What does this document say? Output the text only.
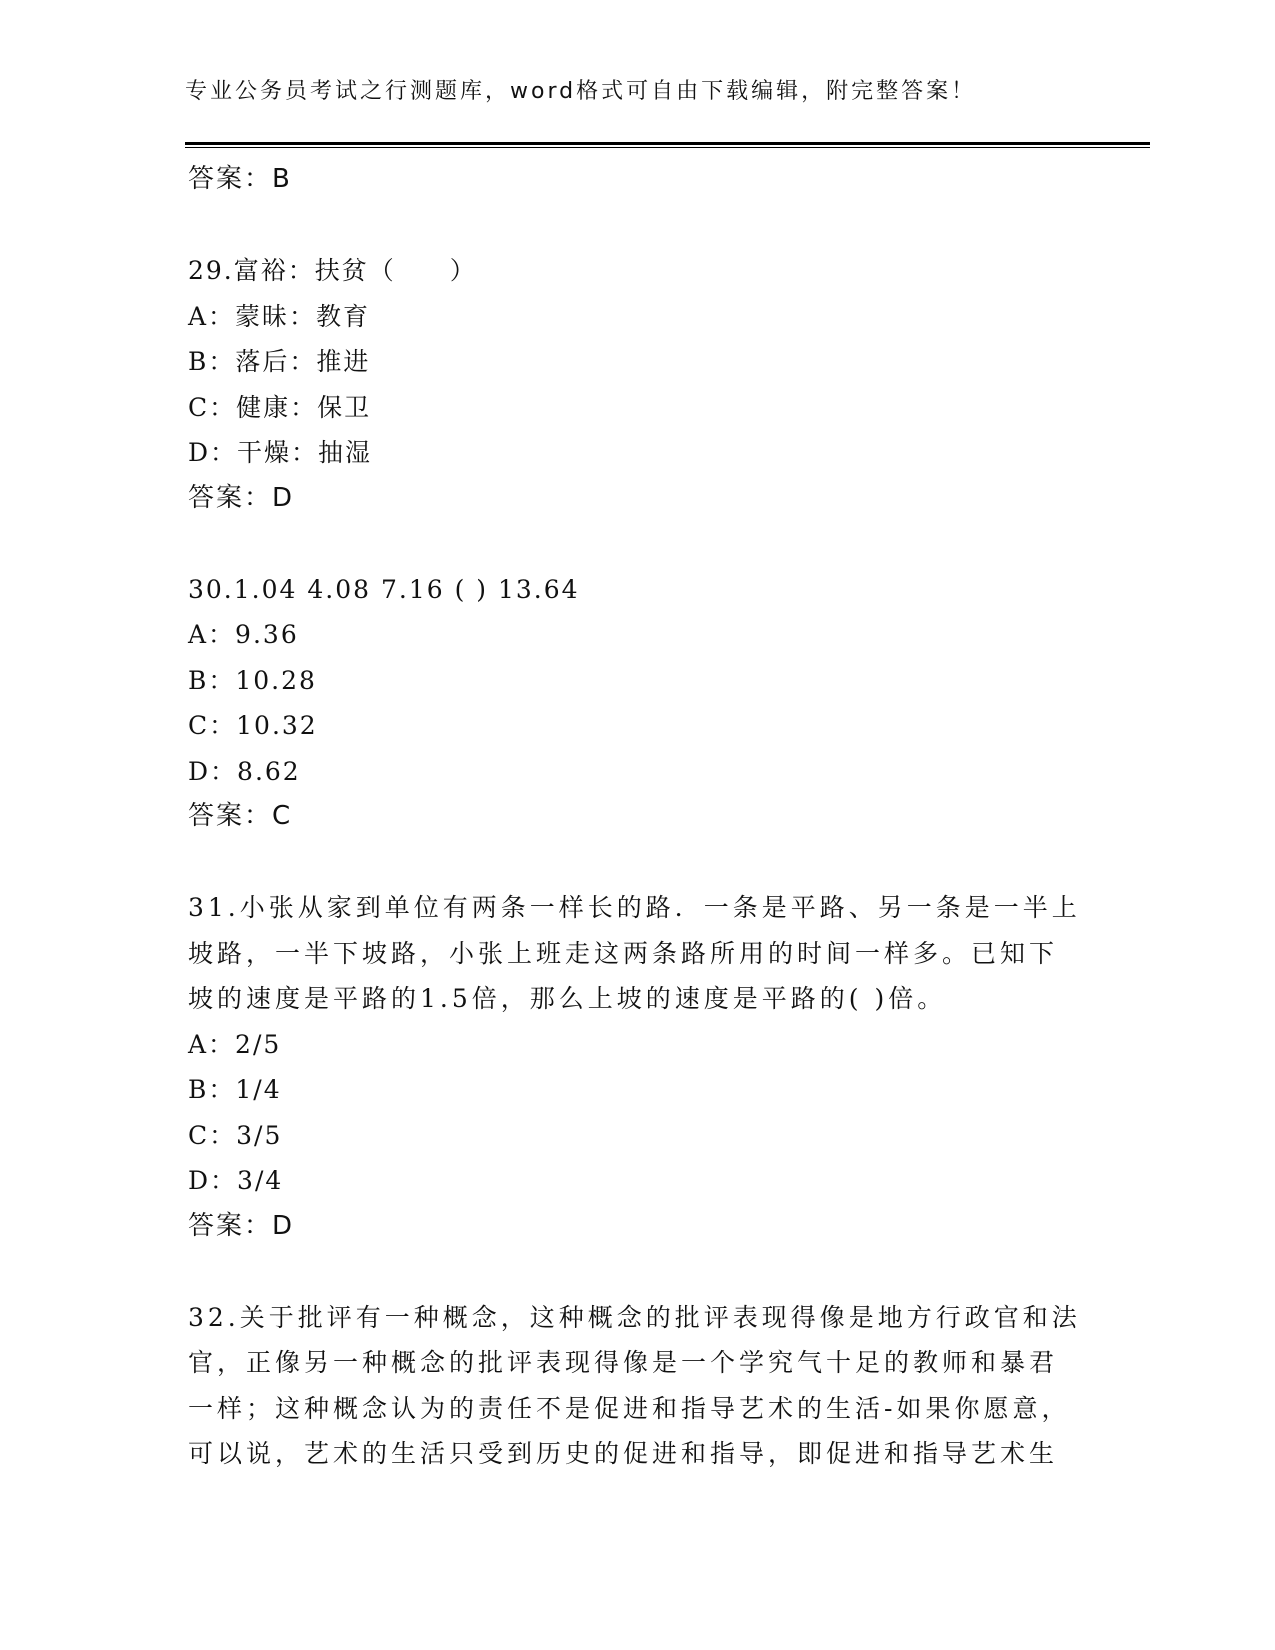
专业公务员考试之行测题库，word格式可自由下载编辑，附完整答案！
答案：B
29.富裕：扶贫（　　）
A：蒙昧：教育
B：落后：推进
C：健康：保卫
D：干燥：抽湿
答案：D
30.1.04 4.08 7.16 ( ) 13.64
A：9.36
B：10.28
C：10.32
D：8.62
答案：C
31.小张从家到单位有两条一样长的路．一条是平路、另一条是一半上
坡路，一半下坡路，小张上班走这两条路所用的时间一样多。已知下
坡的速度是平路的1.5倍，那么上坡的速度是平路的( )倍。
A：2/5
B：1/4
C：3/5
D：3/4
答案：D
32.关于批评有一种概念，这种概念的批评表现得像是地方行政官和法
官，正像另一种概念的批评表现得像是一个学究气十足的教师和暴君
一样；这种概念认为的责任不是促进和指导艺术的生活-如果你愿意，
可以说，艺术的生活只受到历史的促进和指导，即促进和指导艺术生
